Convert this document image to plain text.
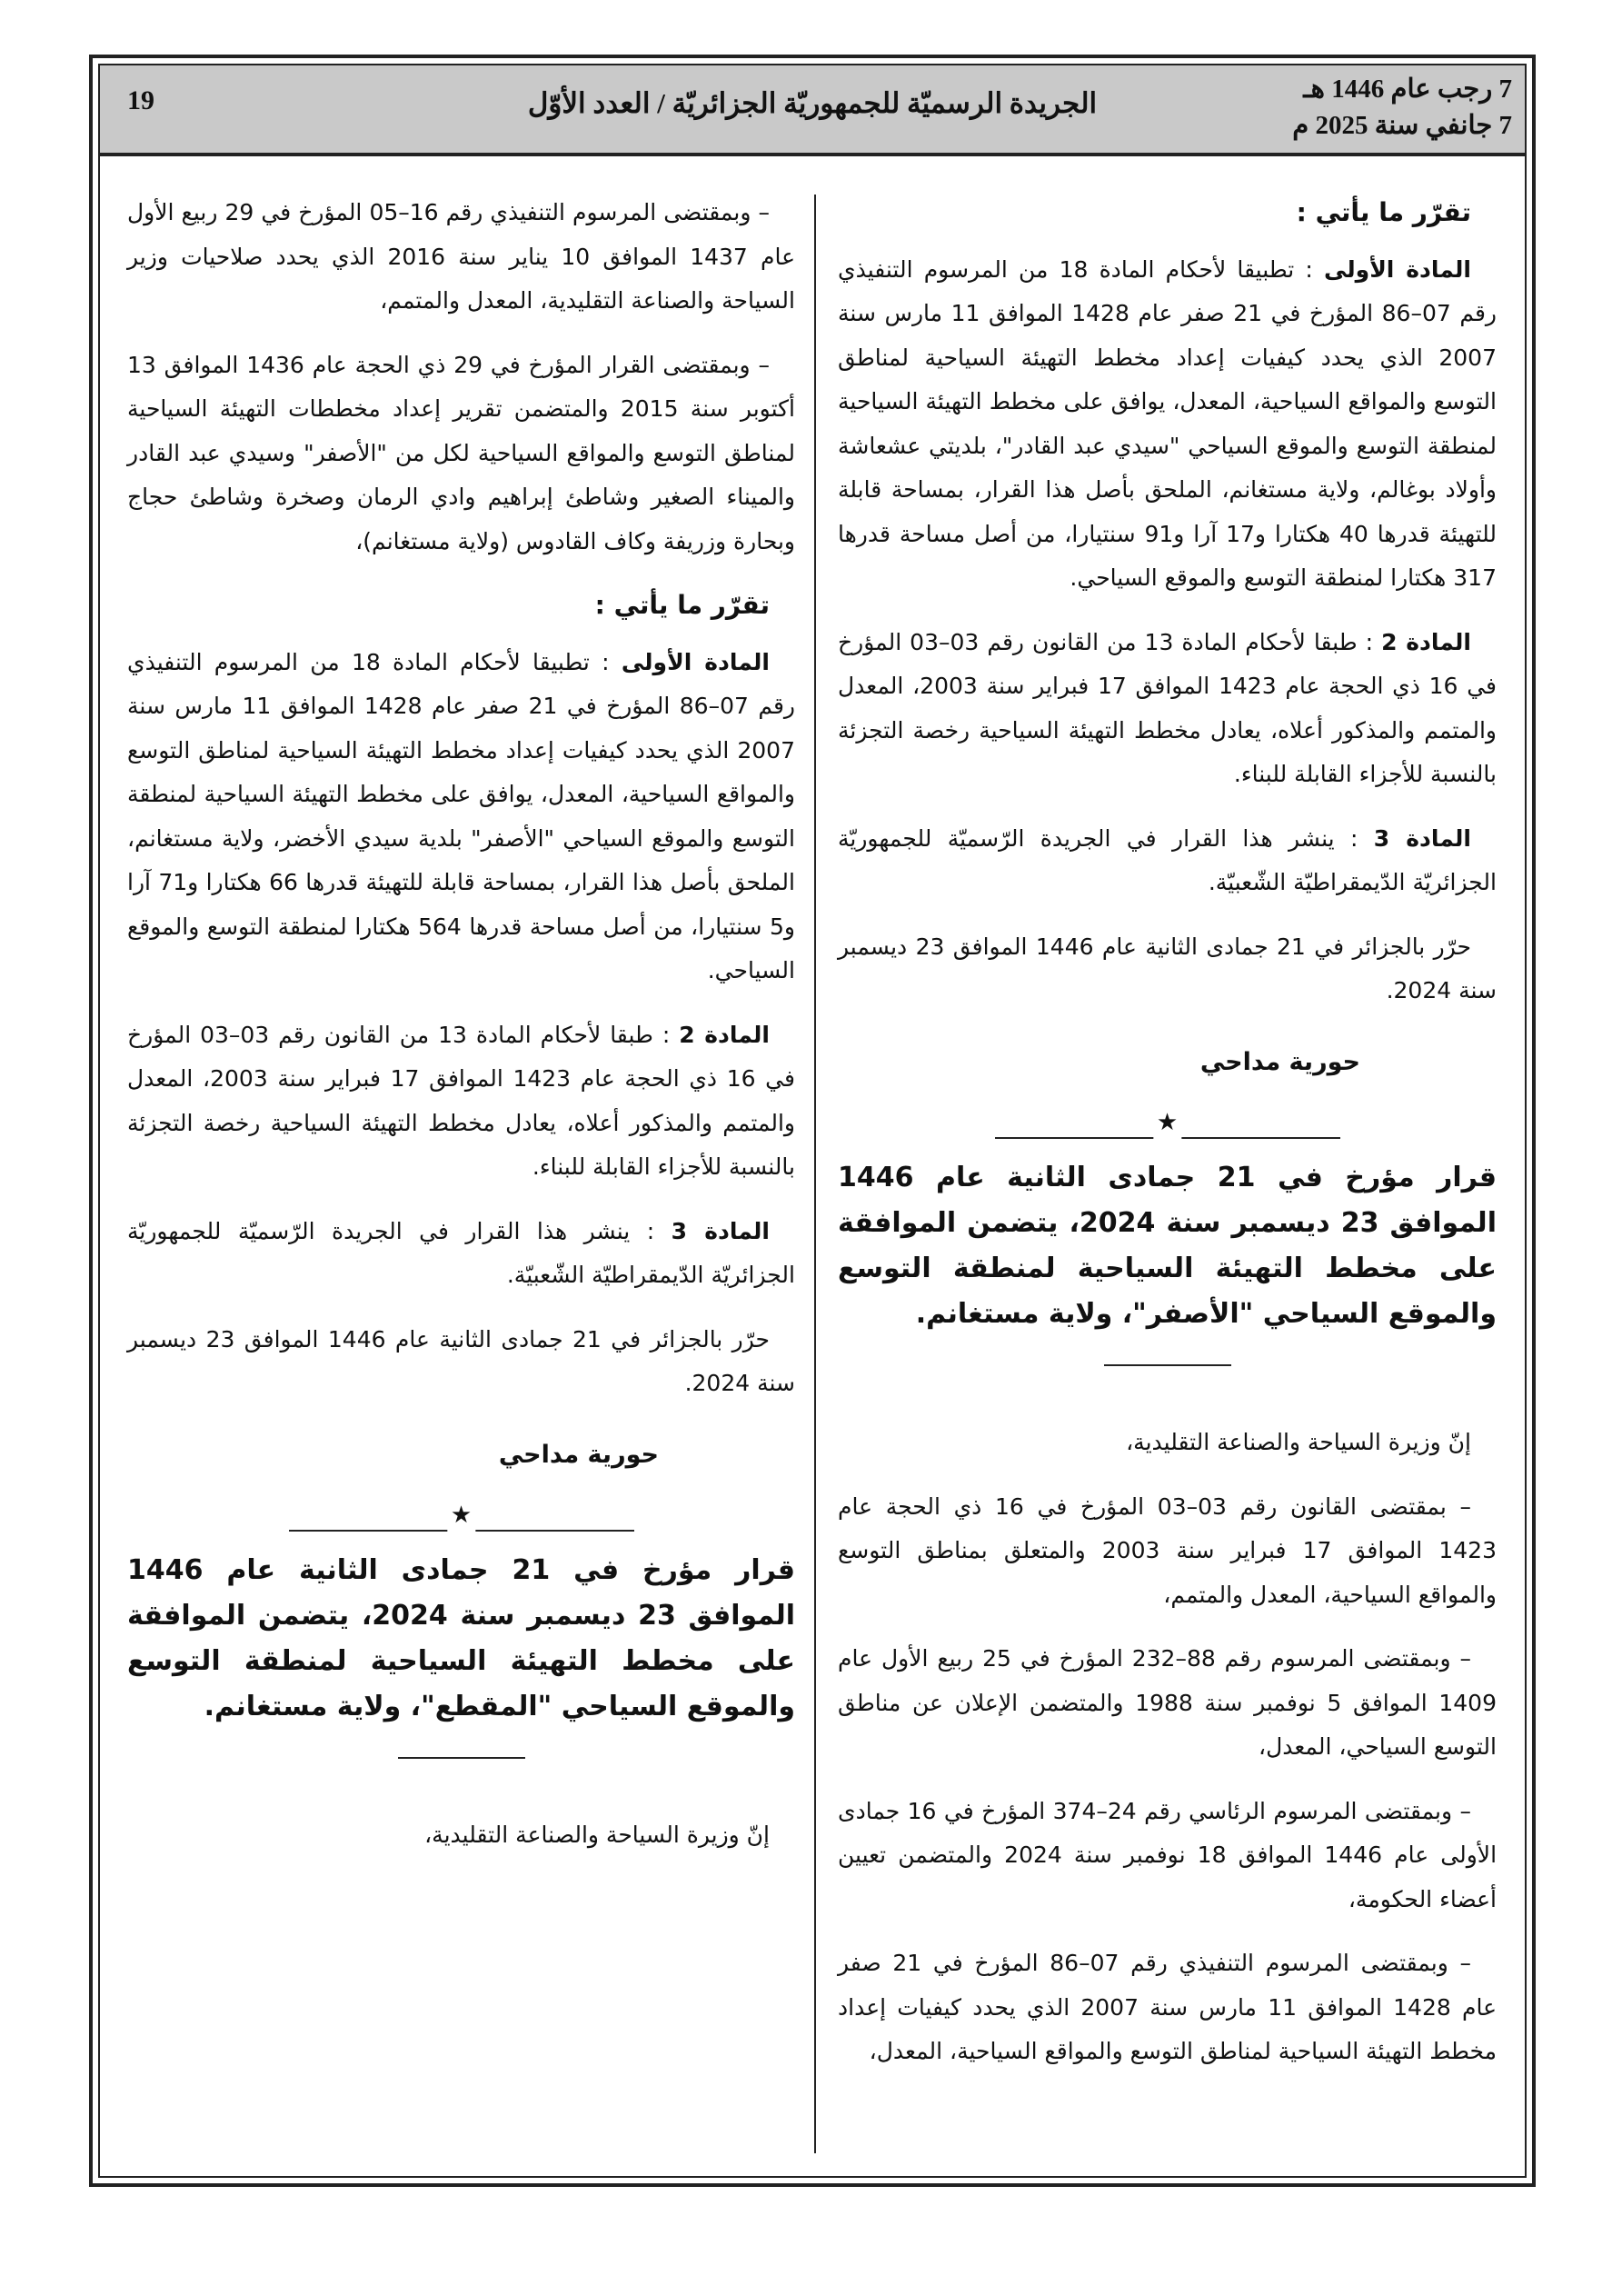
7 رجب عام 1446 هـ
7 جانفي سنة 2025 م
الجريدة الرسميّة للجمهوريّة الجزائريّة / العدد الأوّل
19
تقرّر ما يأتي :

المادة الأولى : تطبيقا لأحكام المادة 18 من المرسوم التنفيذي رقم 07–86 المؤرخ في 21 صفر عام 1428 الموافق 11 مارس سنة 2007 الذي يحدد كيفيات إعداد مخطط التهيئة السياحية لمناطق التوسع والمواقع السياحية، المعدل، يوافق على مخطط التهيئة السياحية لمنطقة التوسع والموقع السياحي "سيدي عبد القادر"، بلديتي عشعاشة وأولاد بوغالم، ولاية مستغانم، الملحق بأصل هذا القرار، بمساحة قابلة للتهيئة قدرها 40 هكتارا و17 آرا و91 سنتيارا، من أصل مساحة قدرها 317 هكتارا لمنطقة التوسع والموقع السياحي.

المادة 2 : طبقا لأحكام المادة 13 من القانون رقم 03–03 المؤرخ في 16 ذي الحجة عام 1423 الموافق 17 فبراير سنة 2003، المعدل والمتمم والمذكور أعلاه، يعادل مخطط التهيئة السياحية رخصة التجزئة بالنسبة للأجزاء القابلة للبناء.

المادة 3 : ينشر هذا القرار في الجريدة الرّسميّة للجمهوريّة الجزائريّة الدّيمقراطيّة الشّعبيّة.

حرّر بالجزائر في 21 جمادى الثانية عام 1446 الموافق 23 ديسمبر سنة 2024.

حورية مداحي
★
قرار مؤرخ في 21 جمادى الثانية عام 1446 الموافق 23 ديسمبر سنة 2024، يتضمن الموافقة على مخطط التهيئة السياحية لمنطقة التوسع والموقع السياحي "الأصفر"، ولاية مستغانم.

إنّ وزيرة السياحة والصناعة التقليدية،

– بمقتضى القانون رقم 03–03 المؤرخ في 16 ذي الحجة عام 1423 الموافق 17 فبراير سنة 2003 والمتعلق بمناطق التوسع والمواقع السياحية، المعدل والمتمم،

– وبمقتضى المرسوم رقم 88–232 المؤرخ في 25 ربيع الأول عام 1409 الموافق 5 نوفمبر سنة 1988 والمتضمن الإعلان عن مناطق التوسع السياحي، المعدل،

– وبمقتضى المرسوم الرئاسي رقم 24–374 المؤرخ في 16 جمادى الأولى عام 1446 الموافق 18 نوفمبر سنة 2024 والمتضمن تعيين أعضاء الحكومة،

– وبمقتضى المرسوم التنفيذي رقم 07–86 المؤرخ في 21 صفر عام 1428 الموافق 11 مارس سنة 2007 الذي يحدد كيفيات إعداد مخطط التهيئة السياحية لمناطق التوسع والمواقع السياحية، المعدل،

– وبمقتضى المرسوم التنفيذي رقم 16–05 المؤرخ في 29 ربيع الأول عام 1437 الموافق 10 يناير سنة 2016 الذي يحدد صلاحيات وزير السياحة والصناعة التقليدية، المعدل والمتمم،

– وبمقتضى القرار المؤرخ في 29 ذي الحجة عام 1436 الموافق 13 أكتوبر سنة 2015 والمتضمن تقرير إعداد مخططات التهيئة السياحية لمناطق التوسع والمواقع السياحية لكل من "الأصفر" وسيدي عبد القادر والميناء الصغير وشاطئ إبراهيم وادي الرمان وصخرة وشاطئ حجاج وبحارة وزريفة وكاف القادوس (ولاية مستغانم)،

تقرّر ما يأتي :

المادة الأولى : تطبيقا لأحكام المادة 18 من المرسوم التنفيذي رقم 07–86 المؤرخ في 21 صفر عام 1428 الموافق 11 مارس سنة 2007 الذي يحدد كيفيات إعداد مخطط التهيئة السياحية لمناطق التوسع والمواقع السياحية، المعدل، يوافق على مخطط التهيئة السياحية لمنطقة التوسع والموقع السياحي "الأصفر" بلدية سيدي الأخضر، ولاية مستغانم، الملحق بأصل هذا القرار، بمساحة قابلة للتهيئة قدرها 66 هكتارا و71 آرا و5 سنتيارا، من أصل مساحة قدرها 564 هكتارا لمنطقة التوسع والموقع السياحي.

المادة 2 : طبقا لأحكام المادة 13 من القانون رقم 03–03 المؤرخ في 16 ذي الحجة عام 1423 الموافق 17 فبراير سنة 2003، المعدل والمتمم والمذكور أعلاه، يعادل مخطط التهيئة السياحية رخصة التجزئة بالنسبة للأجزاء القابلة للبناء.

المادة 3 : ينشر هذا القرار في الجريدة الرّسميّة للجمهوريّة الجزائريّة الدّيمقراطيّة الشّعبيّة.

حرّر بالجزائر في 21 جمادى الثانية عام 1446 الموافق 23 ديسمبر سنة 2024.

حورية مداحي
★
قرار مؤرخ في 21 جمادى الثانية عام 1446 الموافق 23 ديسمبر سنة 2024، يتضمن الموافقة على مخطط التهيئة السياحية لمنطقة التوسع والموقع السياحي "المقطع"، ولاية مستغانم.

إنّ وزيرة السياحة والصناعة التقليدية،
